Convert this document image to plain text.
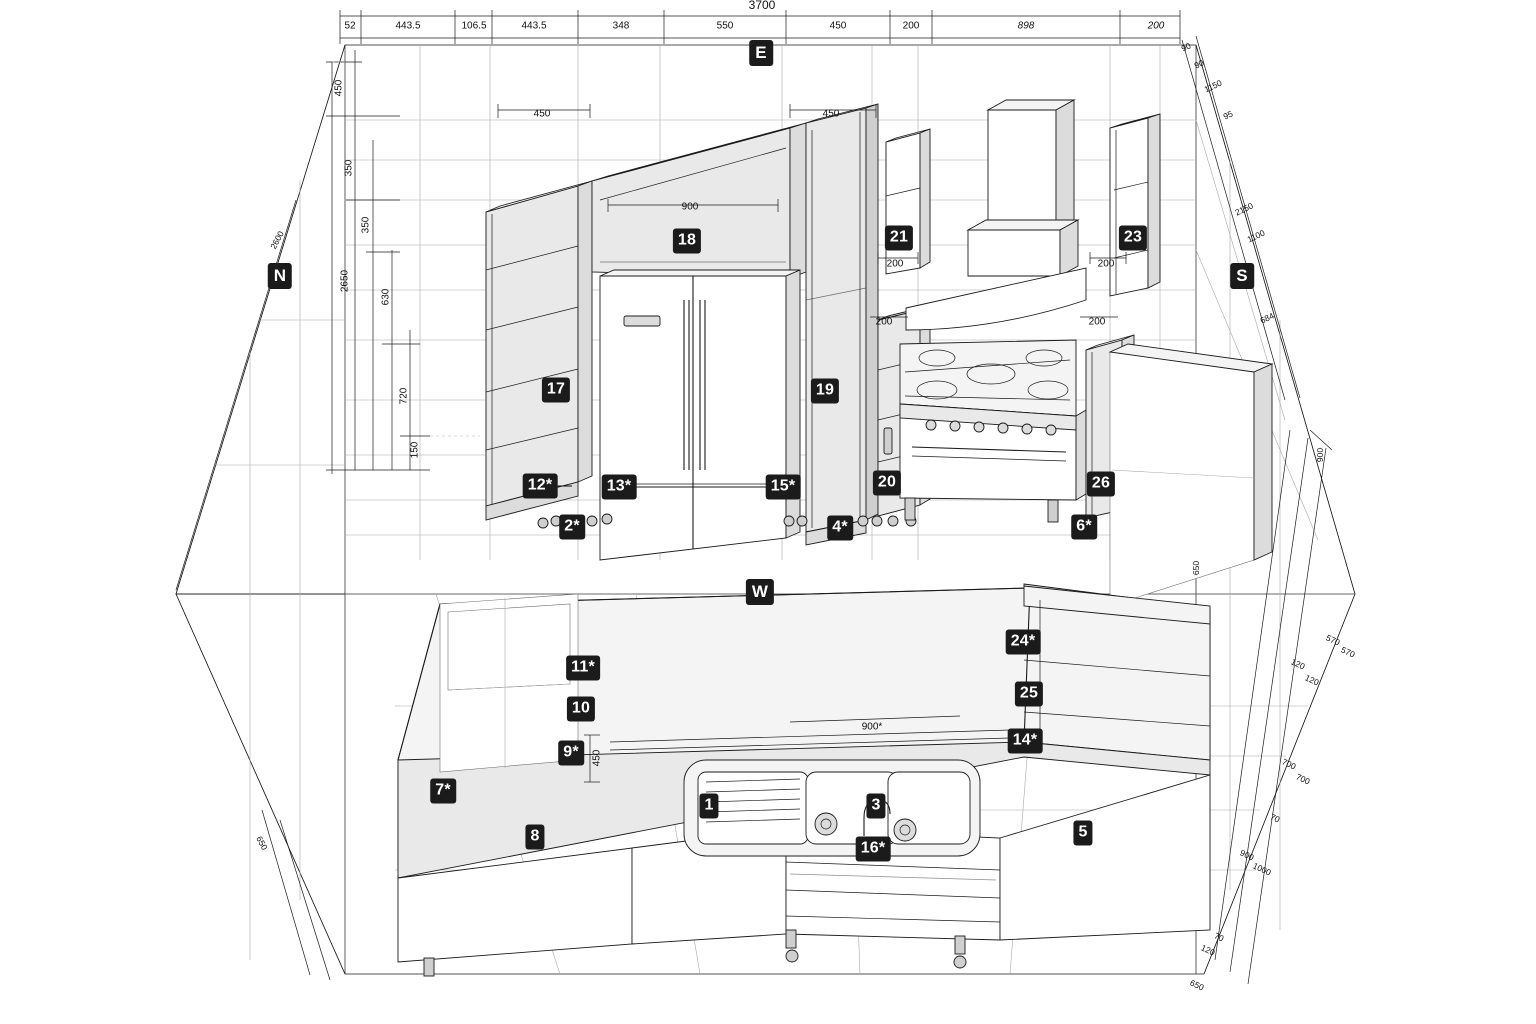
N
E
S
W
1
2*
3
4*
5
6*
7*
8
9*
10
11*
12*	13*
14*
15*
16*
17
18
19
20
21	23
24*
25
26
3700
52	443.5	106.5	443.5	348	550	450	200	898	200
450
350
350
2650
630
720
150
450	450
900
200	200
200	200
900*
450
2600
650
90
90
1150
95
2150
1100
684
900
570
570
120
120
700
700
70
900
1000
70
120
650
650
